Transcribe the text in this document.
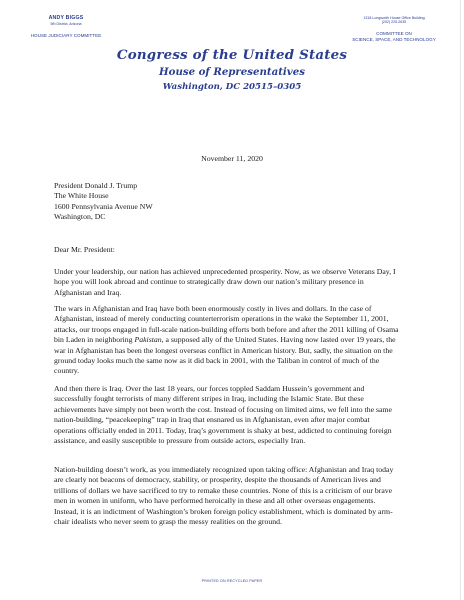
ANDY BIGGS
5th District, Arizona
HOUSE JUDICIARY COMMITTEE
1318 Longworth House Office Building
(202) 225-2635
COMMITTEE ON
SCIENCE, SPACE, AND TECHNOLOGY
Congress of the United States
House of Representatives
Washington, DC 20515–0305
November 11, 2020
President Donald J. Trump
The White House
1600 Pennsylvania Avenue NW
Washington, DC
Dear Mr. President:

Under your leadership, our nation has achieved unprecedented prosperity. Now, as we observe Veterans Day, I hope you will look abroad and continue to strategically draw down our nation’s military presence in Afghanistan and Iraq.

The wars in Afghanistan and Iraq have both been enormously costly in lives and dollars. In the case of Afghanistan, instead of merely conducting counterterrorism operations in the wake the September 11, 2001, attacks, our troops engaged in full-scale nation-building efforts both before and after the 2011 killing of Osama bin Laden in neighboring Pakistan, a supposed ally of the United States. Having now lasted over 19 years, the war in Afghanistan has been the longest overseas conflict in American history. But, sadly, the situation on the ground today looks much the same now as it did back in 2001, with the Taliban in control of much of the country.

And then there is Iraq. Over the last 18 years, our forces toppled Saddam Hussein’s government and successfully fought terrorists of many different stripes in Iraq, including the Islamic State. But these achievements have simply not been worth the cost. Instead of focusing on limited aims, we fell into the same nation-building, “peacekeeping” trap in Iraq that ensnared us in Afghanistan, even after major combat operations officially ended in 2011. Today, Iraq’s government is shaky at best, addicted to continuing foreign assistance, and easily susceptible to pressure from outside actors, especially Iran.

Nation-building doesn’t work, as you immediately recognized upon taking office: Afghanistan and Iraq today are clearly not beacons of democracy, stability, or prosperity, despite the thousands of American lives and trillions of dollars we have sacrificed to try to remake these countries. None of this is a criticism of our brave men in women in uniform, who have performed heroically in these and all other overseas engagements. Instead, it is an indictment of Washington’s broken foreign policy establishment, which is dominated by arm-chair idealists who never seem to grasp the messy realities on the ground.

PRINTED ON RECYCLED PAPER
